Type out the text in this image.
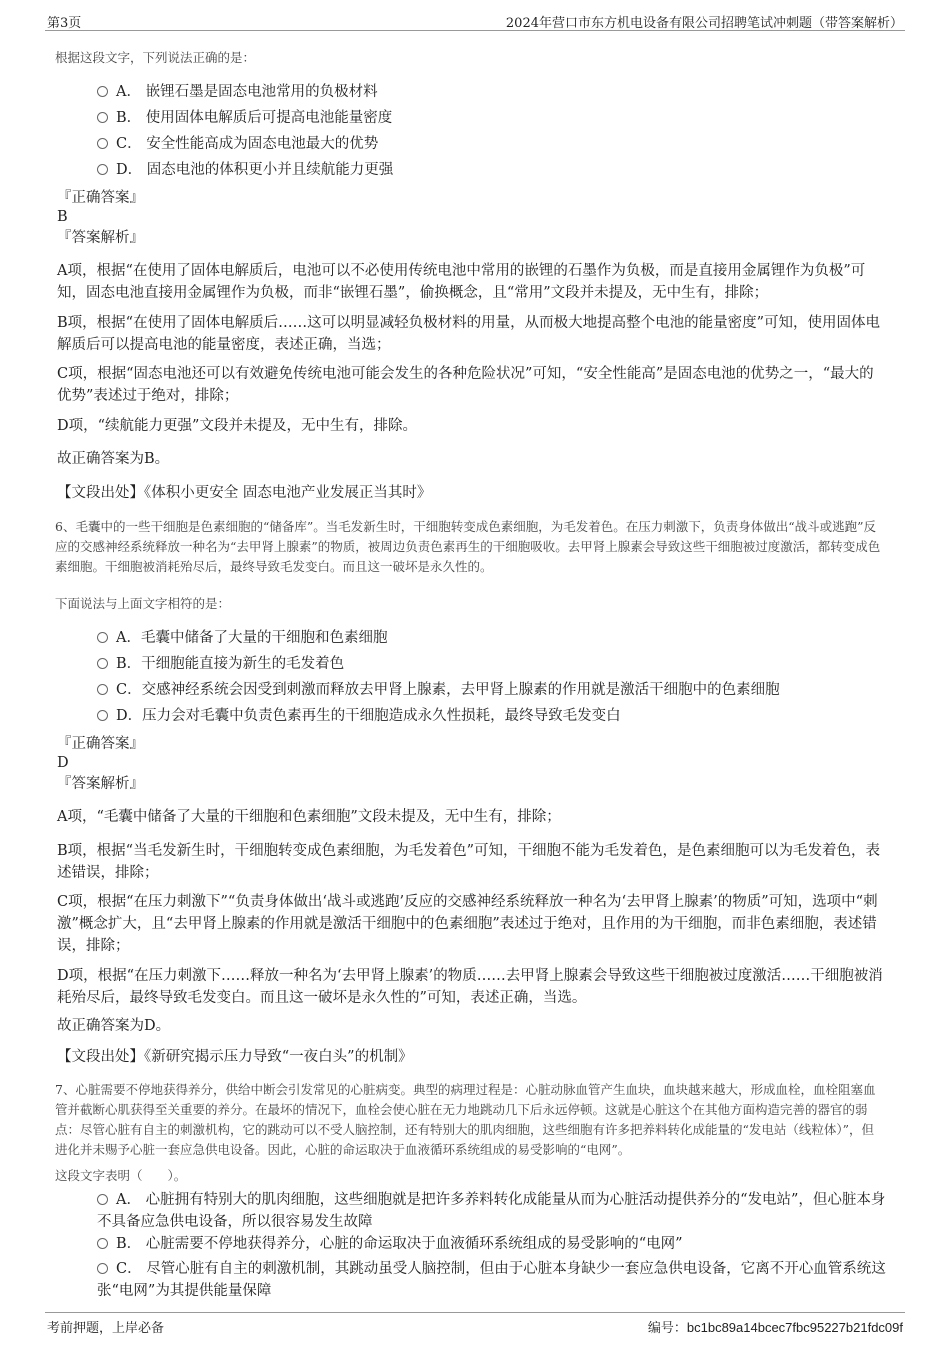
第3页	2024年营口市东方机电设备有限公司招聘笔试冲刺题（带答案解析）
根据这段文字，下列说法正确的是：
A． 嵌锂石墨是固态电池常用的负极材料
B． 使用固体电解质后可提高电池能量密度
C． 安全性能高成为固态电池最大的优势
D． 固态电池的体积更小并且续航能力更强
『正确答案』
B
『答案解析』
A项，根据“在使用了固体电解质后，电池可以不必使用传统电池中常用的嵌锂的石墨作为负极，而是直接用金属锂作为负极”可知，固态电池直接用金属锂作为负极，而非“嵌锂石墨”，偷换概念，且“常用”文段并未提及，无中生有，排除；
B项，根据“在使用了固体电解质后……这可以明显减轻负极材料的用量，从而极大地提高整个电池的能量密度”可知，使用固体电解质后可以提高电池的能量密度，表述正确，当选；
C项，根据“固态电池还可以有效避免传统电池可能会发生的各种危险状况”可知，“安全性能高”是固态电池的优势之一，“最大的优势”表述过于绝对，排除；
D项，“续航能力更强”文段并未提及，无中生有，排除。
故正确答案为B。
【文段出处】《体积小更安全 固态电池产业发展正当其时》
6、毛囊中的一些干细胞是色素细胞的“储备库”。当毛发新生时，干细胞转变成色素细胞，为毛发着色。在压力刺激下，负责身体做出“战斗或逃跑”反应的交感神经系统释放一种名为“去甲肾上腺素”的物质，被周边负责色素再生的干细胞吸收。去甲肾上腺素会导致这些干细胞被过度激活，都转变成色素细胞。干细胞被消耗殆尽后，最终导致毛发变白。而且这一破坏是永久性的。
下面说法与上面文字相符的是：
A．毛囊中储备了大量的干细胞和色素细胞
B．干细胞能直接为新生的毛发着色
C．交感神经系统会因受到刺激而释放去甲肾上腺素，去甲肾上腺素的作用就是激活干细胞中的色素细胞
D．压力会对毛囊中负责色素再生的干细胞造成永久性损耗，最终导致毛发变白
『正确答案』
D
『答案解析』
A项，“毛囊中储备了大量的干细胞和色素细胞”文段未提及，无中生有，排除；
B项，根据“当毛发新生时，干细胞转变成色素细胞，为毛发着色”可知，干细胞不能为毛发着色，是色素细胞可以为毛发着色，表述错误，排除；
C项，根据“在压力刺激下”“负责身体做出‘战斗或逃跑’反应的交感神经系统释放一种名为‘去甲肾上腺素’的物质”可知，选项中“刺激”概念扩大，且“去甲肾上腺素的作用就是激活干细胞中的色素细胞”表述过于绝对，且作用的为干细胞，而非色素细胞，表述错误，排除；
D项，根据“在压力刺激下……释放一种名为‘去甲肾上腺素’的物质……去甲肾上腺素会导致这些干细胞被过度激活……干细胞被消耗殆尽后，最终导致毛发变白。而且这一破坏是永久性的”可知，表述正确，当选。
故正确答案为D。
【文段出处】《新研究揭示压力导致“一夜白头”的机制》
7、心脏需要不停地获得养分，供给中断会引发常见的心脏病变。典型的病理过程是：心脏动脉血管产生血块，血块越来越大，形成血栓，血栓阻塞血管并截断心肌获得至关重要的养分。在最坏的情况下，血栓会使心脏在无力地跳动几下后永远停顿。这就是心脏这个在其他方面构造完善的器官的弱点：尽管心脏有自主的刺激机构，它的跳动可以不受人脑控制，还有特别大的肌肉细胞，这些细胞有许多把养料转化成能量的“发电站（线粒体）”，但进化并未赐予心脏一套应急供电设备。因此，心脏的命运取决于血液循环系统组成的易受影响的“电网”。
这段文字表明（　　）。
A． 心脏拥有特别大的肌肉细胞，这些细胞就是把许多养料转化成能量从而为心脏活动提供养分的“发电站”，但心脏本身不具备应急供电设备，所以很容易发生故障
B． 心脏需要不停地获得养分，心脏的命运取决于血液循环系统组成的易受影响的“电网”
C． 尽管心脏有自主的刺激机制，其跳动虽受人脑控制，但由于心脏本身缺少一套应急供电设备，它离不开心血管系统这张“电网”为其提供能量保障
考前押题，上岸必备	编号：bc1bc89a14bcec7fbc95227b21fdc09f
